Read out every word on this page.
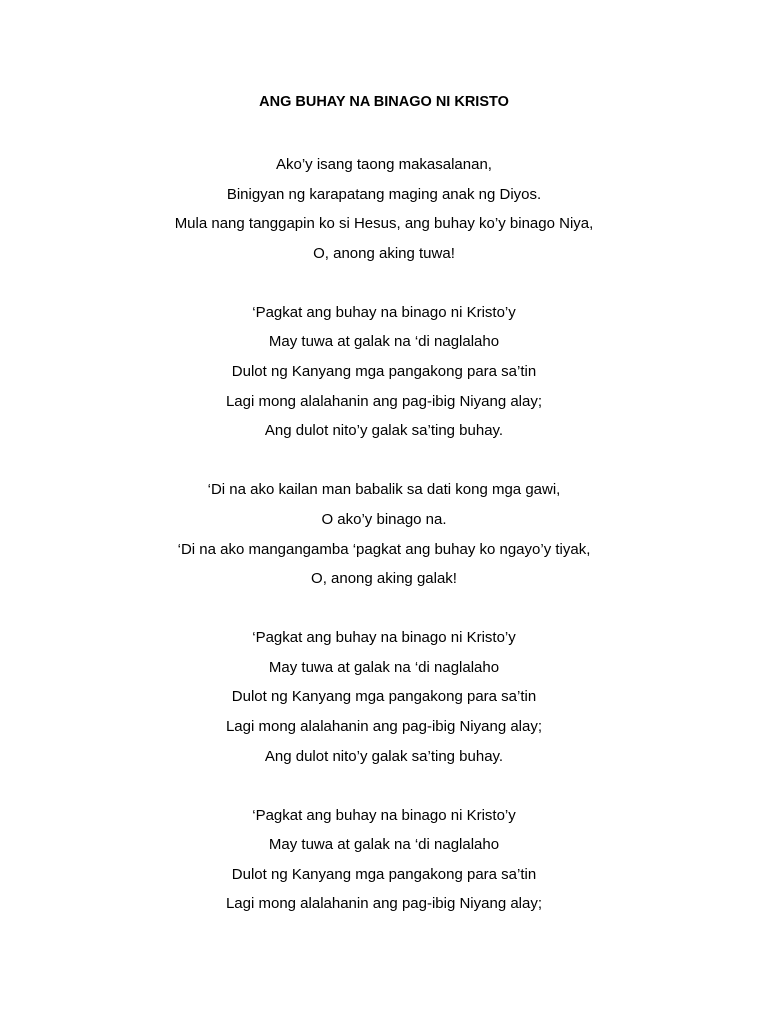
ANG BUHAY NA BINAGO NI KRISTO
Ako’y isang taong makasalanan,
Binigyan ng karapatang maging anak ng Diyos.
Mula nang tanggapin ko si Hesus, ang buhay ko’y binago Niya,
O, anong aking tuwa!
‘Pagkat ang buhay na binago ni Kristo’y
May tuwa at galak na ‘di naglalaho
Dulot ng Kanyang mga pangakong para sa’tin
Lagi mong alalahanin ang pag-ibig Niyang alay;
Ang dulot nito’y galak sa’ting buhay.
‘Di na ako kailan man babalik sa dati kong mga gawi,
O ako’y binago na.
‘Di na ako mangangamba ‘pagkat ang buhay ko ngayo’y tiyak,
O, anong aking galak!
‘Pagkat ang buhay na binago ni Kristo’y
May tuwa at galak na ‘di naglalaho
Dulot ng Kanyang mga pangakong para sa’tin
Lagi mong alalahanin ang pag-ibig Niyang alay;
Ang dulot nito’y galak sa’ting buhay.
‘Pagkat ang buhay na binago ni Kristo’y
May tuwa at galak na ‘di naglalaho
Dulot ng Kanyang mga pangakong para sa’tin
Lagi mong alalahanin ang pag-ibig Niyang alay;
